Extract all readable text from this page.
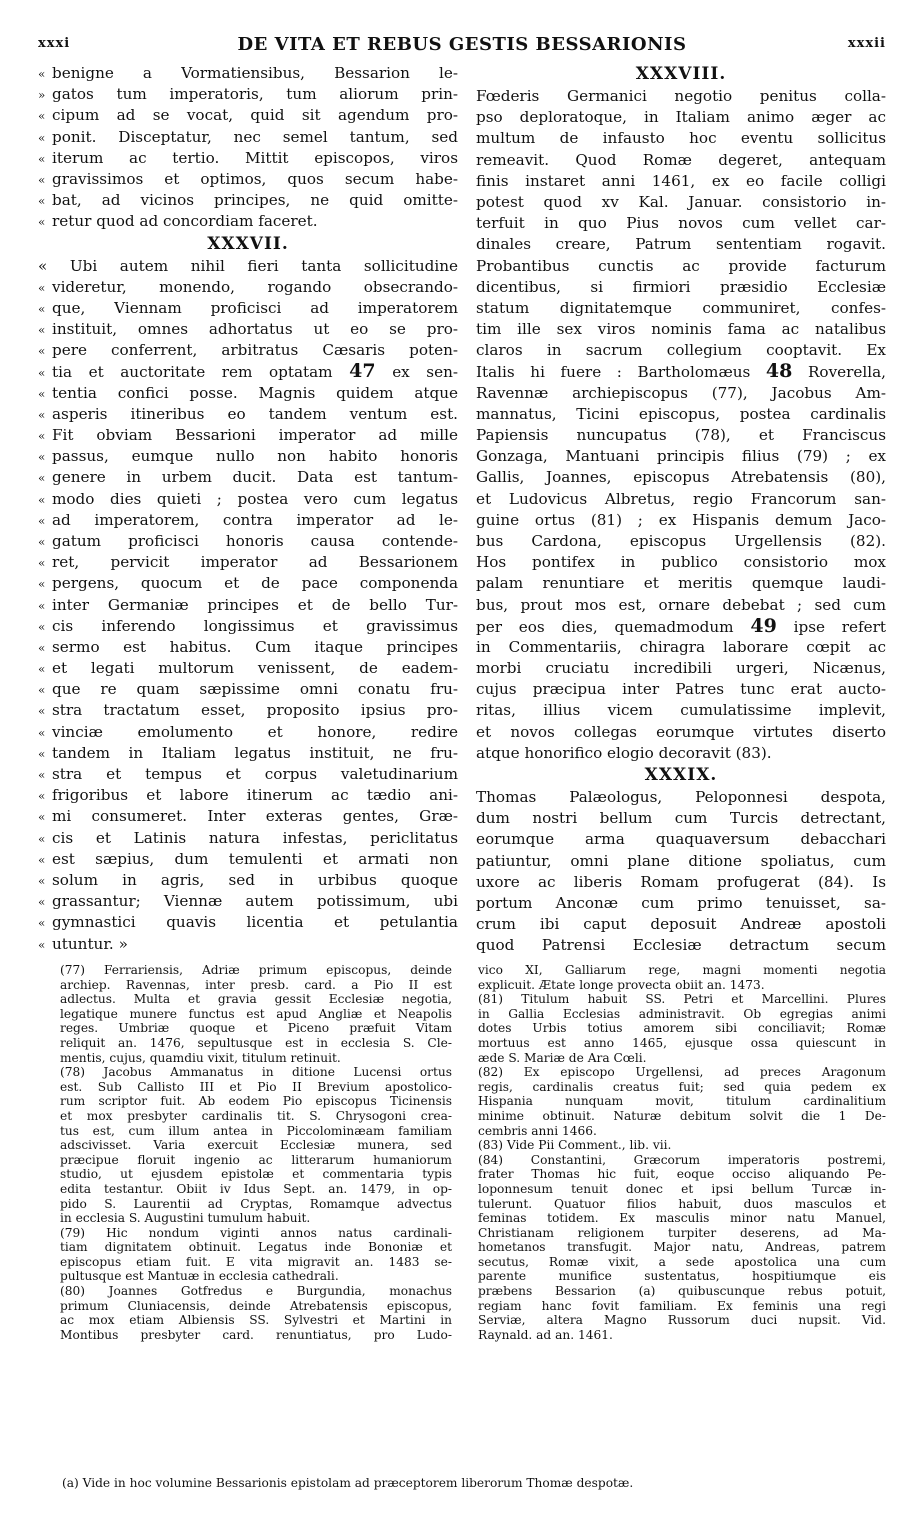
xxxi	DE VITA ET REBUS GESTIS BESSARIONIS	xxxii
« benigne a Vormatiensibus, Bessarion le-
» gatos tum imperatoris, tum aliorum prin-
« cipum ad se vocat, quid sit agendum pro-
« ponit. Disceptatur, nec semel tantum, sed
« iterum ac tertio. Mittit episcopos, viros
« gravissimos et optimos, quos secum habe-
« bat, ad vicinos principes, ne quid omitte-
« retur quod ad concordiam faceret.
XXXVII.
« Ubi autem nihil fieri tanta sollicitudine
« videretur, monendo, rogando obsecrando-
« que, Viennam proficisci ad imperatorem
« instituit, omnes adhortatus ut eo se pro-
« pere conferrent, arbitratus Cæsaris poten-
« tia et auctoritate rem optatam 47 ex sen-
« tentia confici posse. Magnis quidem atque
« asperis itineribus eo tandem ventum est.
« Fit obviam Bessarioni imperator ad mille
« passus, eumque nullo non habito honoris
« genere in urbem ducit. Data est tantum-
« modo dies quieti ; postea vero cum legatus
« ad imperatorem, contra imperator ad le-
« gatum proficisci honoris causa contende-
« ret, pervicit imperator ad Bessarionem
« pergens, quocum et de pace componenda
« inter Germaniæ principes et de bello Tur-
« cis inferendo longissimus et gravissimus
« sermo est habitus. Cum itaque principes
« et legati multorum venissent, de eadem-
« que re quam sæpissime omni conatu fru-
« stra tractatum esset, proposito ipsius pro-
« vinciæ emolumento et honore, redire
« tandem in Italiam legatus instituit, ne fru-
« stra et tempus et corpus valetudinarium
« frigoribus et labore itinerum ac tædio ani-
« mi consumeret. Inter exteras gentes, Græ-
« cis et Latinis natura infestas, periclitatus
« est sæpius, dum temulenti et armati non
« solum in agris, sed in urbibus quoque
« grassantur; Viennæ autem potissimum, ubi
« gymnastici quavis licentia et petulantia
« utuntur. »
XXXVIII.
Fœderis Germanici negotio penitus colla-
pso deploratoque, in Italiam animo æger ac
multum de infausto hoc eventu sollicitus
remeavit. Quod Romæ degeret, antequam
finis instaret anni 1461, ex eo facile colligi
potest quod xv Kal. Januar. consistorio in-
terfuit in quo Pius novos cum vellet car-
dinales creare, Patrum sententiam rogavit.
Probantibus cunctis ac provide facturum
dicentibus, si firmiori præsidio Ecclesiæ
statum dignitatemque communiret, confes-
tim ille sex viros nominis fama ac natalibus
claros in sacrum collegium cooptavit. Ex
Italis hi fuere : Bartholomæus 48 Roverella,
Ravennæ archiepiscopus (77), Jacobus Am-
mannatus, Ticini episcopus, postea cardinalis
Papiensis nuncupatus (78), et Franciscus
Gonzaga, Mantuani principis filius (79) ; ex
Gallis, Joannes, episcopus Atrebatensis (80),
et Ludovicus Albretus, regio Francorum san-
guine ortus (81) ; ex Hispanis demum Jaco-
bus Cardona, episcopus Urgellensis (82).
Hos pontifex in publico consistorio mox
palam renuntiare et meritis quemque laudi-
bus, prout mos est, ornare debebat ; sed cum
per eos dies, quemadmodum 49 ipse refert
in Commentariis, chiragra laborare cœpit ac
morbi cruciatu incredibili urgeri, Nicænus,
cujus præcipua inter Patres tunc erat aucto-
ritas, illius vicem cumulatissime implevit,
et novos collegas eorumque virtutes diserto
atque honorifico elogio decoravit (83).
XXXIX.
Thomas Palæologus, Peloponnesi despota,
dum nostri bellum cum Turcis detrectant,
eorumque arma quaquaversum debacchari
patiuntur, omni plane ditione spoliatus, cum
uxore ac liberis Romam profugerat (84). Is
portum Anconæ cum primo tenuisset, sa-
crum ibi caput deposuit Andreæ apostoli
quod Patrensi Ecclesiæ detractum secum
(77) Ferrariensis, Adriæ primum episcopus, deinde
archiep. Ravennas, inter presb. card. a Pio II est
adlectus. Multa et gravia gessit Ecclesiæ negotia,
legatique munere functus est apud Angliæ et Neapolis
reges. Umbriæ quoque et Piceno præfuit Vitam
reliquit an. 1476, sepultusque est in ecclesia S. Cle-
mentis, cujus, quamdiu vixit, titulum retinuit.
(78) Jacobus Ammanatus in ditione Lucensi ortus
est. Sub Callisto III et Pio II Brevium apostolico-
rum scriptor fuit. Ab eodem Pio episcopus Ticinensis
et mox presbyter cardinalis tit. S. Chrysogoni crea-
tus est, cum illum antea in Piccolominæam familiam
adscivisset. Varia exercuit Ecclesiæ munera, sed
præcipue floruit ingenio ac litterarum humaniorum
studio, ut ejusdem epistolæ et commentaria typis
edita testantur. Obiit iv Idus Sept. an. 1479, in op-
pido S. Laurentii ad Cryptas, Romamque advectus
in ecclesia S. Augustini tumulum habuit.
(79) Hic nondum viginti annos natus cardinali-
tiam dignitatem obtinuit. Legatus inde Bononiæ et
episcopus etiam fuit. E vita migravit an. 1483 se-
pultusque est Mantuæ in ecclesia cathedrali.
(80) Joannes Gotfredus e Burgundia, monachus
primum Cluniacensis, deinde Atrebatensis episcopus,
ac mox etiam Albiensis SS. Sylvestri et Martini in
Montibus presbyter card. renuntiatus, pro Ludo-
vico XI, Galliarum rege, magni momenti negotia
explicuit. Ætate longe provecta obiit an. 1473.
(81) Titulum habuit SS. Petri et Marcellini. Plures
in Gallia Ecclesias administravit. Ob egregias animi
dotes Urbis totius amorem sibi conciliavit; Romæ
mortuus est anno 1465, ejusque ossa quiescunt in
æde S. Mariæ de Ara Cœli.
(82) Ex episcopo Urgellensi, ad preces Aragonum
regis, cardinalis creatus fuit; sed quia pedem ex
Hispania nunquam movit, titulum cardinalitium
minime obtinuit. Naturæ debitum solvit die 1 De-
cembris anni 1466.
(83) Vide Pii Comment., lib. vii.
(84) Constantini, Græcorum imperatoris postremi,
frater Thomas hic fuit, eoque occiso aliquando Pe-
loponnesum tenuit donec et ipsi bellum Turcæ in-
tulerunt. Quatuor filios habuit, duos masculos et
feminas totidem. Ex masculis minor natu Manuel,
Christianam religionem turpiter deserens, ad Ma-
hometanos transfugit. Major natu, Andreas, patrem
secutus, Romæ vixit, a sede apostolica una cum
parente munifice sustentatus, hospitiumque eis
præbens Bessarion (a) quibuscunque rebus potuit,
regiam hanc fovit familiam. Ex feminis una regi
Serviæ, altera Magno Russorum duci nupsit. Vid.
Raynald. ad an. 1461.
(a) Vide in hoc volumine Bessarionis epistolam ad præceptorem liberorum Thomæ despotæ.
